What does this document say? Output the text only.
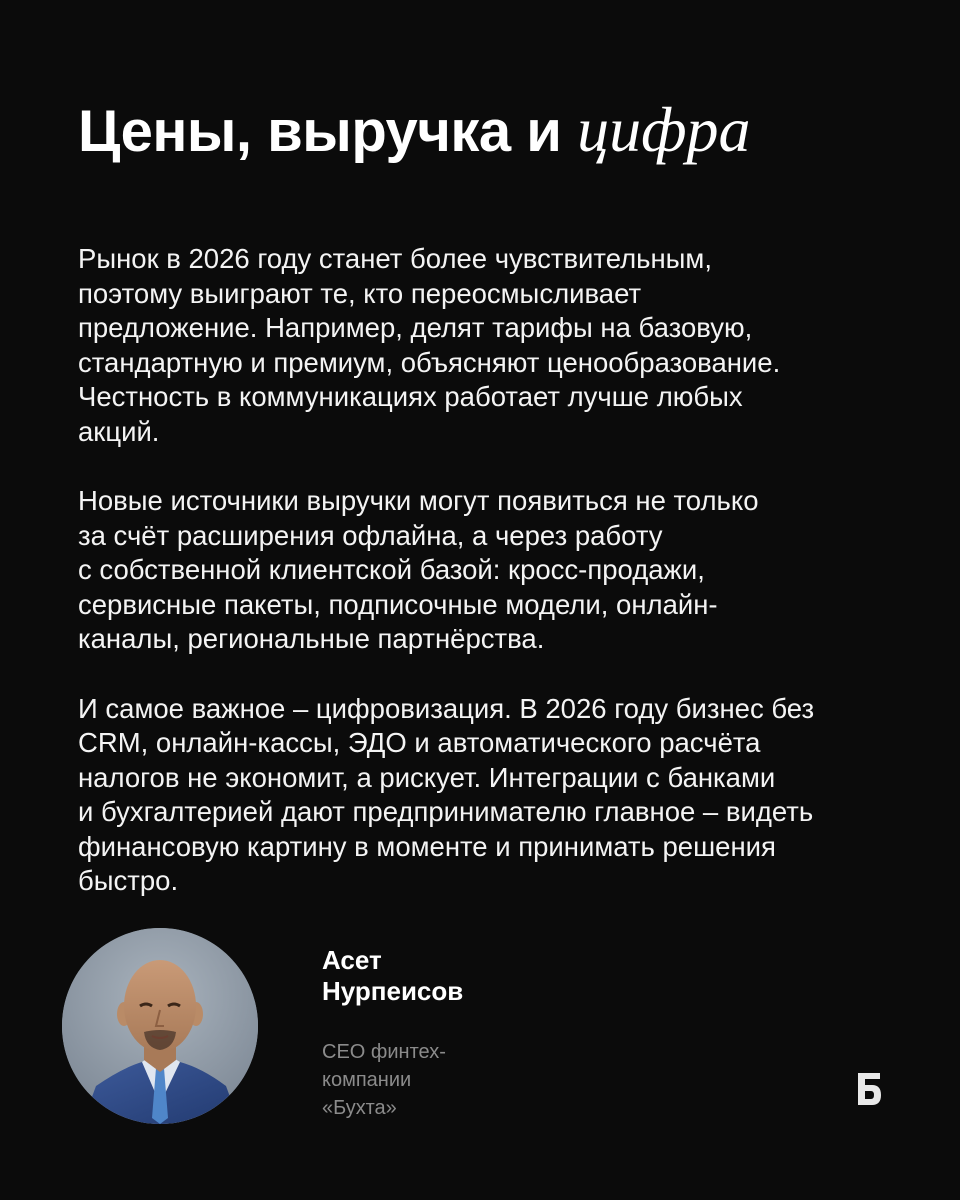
Цены, выручка и цифра

Рынок в 2026 году станет более чувствительным,
поэтому выиграют те, кто переосмысливает
предложение. Например, делят тарифы на базовую,
стандартную и премиум, объясняют ценообразование.
Честность в коммуникациях работает лучше любых
акций.

Новые источники выручки могут появиться не только
за счёт расширения офлайна, а через работу
с собственной клиентской базой: кросс-продажи,
сервисные пакеты, подписочные модели, онлайн-
каналы, региональные партнёрства.

И самое важное – цифровизация. В 2026 году бизнес без
CRM, онлайн-кассы, ЭДО и автоматического расчёта
налогов не экономит, а рискует. Интеграции с банками
и бухгалтерией дают предпринимателю главное – видеть
финансовую картину в моменте и принимать решения
быстро.

Асет
Нурпеисов
CEO финтех-
компании
«Бухта»
